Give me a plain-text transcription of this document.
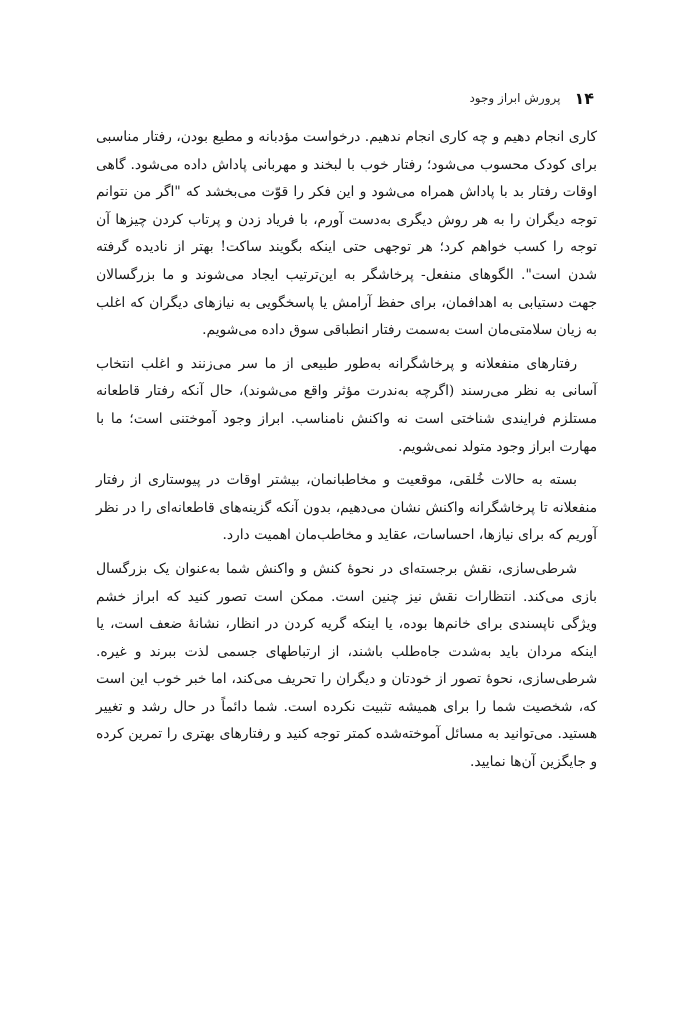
پرورش ابراز وجود ۱۴

کاری انجام دهیم و چه کاری انجام ندهیم. درخواست مؤدبانه و مطیع بودن، رفتار مناسبی برای کودک محسوب می‌شود؛ رفتار خوب با لبخند و مهربانی پاداش داده می‌شود. گاهی اوقات رفتار بد با پاداش همراه می‌شود و این فکر را قوّت می‌بخشد که "اگر من نتوانم توجه دیگران را به هر روش دیگری به‌دست آورم، با فریاد زدن و پرتاب کردن چیزها آن توجه را کسب خواهم کرد؛ هر توجهی حتی اینکه بگویند ساکت! بهتر از نادیده گرفته شدن است". الگوهای منفعل- پرخاشگر به این‌ترتیب ایجاد می‌شوند و ما بزرگسالان جهت دستیابی به اهدافمان، برای حفظ آرامش یا پاسخگویی به نیازهای دیگران که اغلب به زیان سلامتی‌مان است به‌سمت رفتار انطباقی سوق داده می‌شویم.

رفتارهای منفعلانه و پرخاشگرانه به‌طور طبیعی از ما سر می‌زنند و اغلب انتخاب آسانی به نظر می‌رسند (اگرچه به‌ندرت مؤثر واقع می‌شوند)، حال آنکه رفتار قاطعانه مستلزم فرایندی شناختی است نه واکنش نامناسب. ابراز وجود آموختنی است؛ ما با مهارت ابراز وجود متولد نمی‌شویم.

بسته به حالات خُلقی، موقعیت و مخاطبانمان، بیشتر اوقات در پیوستاری از رفتار منفعلانه تا پرخاشگرانه واکنش نشان می‌دهیم، بدون آنکه گزینه‌های قاطعانه‌ای را در نظر آوریم که برای نیازها، احساسات، عقاید و مخاطب‌مان اهمیت دارد.

شرطی‌سازی، نقش برجسته‌ای در نحوهٔ کنش و واکنش شما به‌عنوان یک بزرگسال بازی می‌کند. انتظارات نقش نیز چنین است. ممکن است تصور کنید که ابراز خشم ویژگی ناپسندی برای خانم‌ها بوده، یا اینکه گریه کردن در انظار، نشانهٔ ضعف است، یا اینکه مردان باید به‌شدت جاه‌طلب باشند، از ارتباطهای جسمی لذت ببرند و غیره. شرطی‌سازی، نحوهٔ تصور از خودتان و دیگران را تحریف می‌کند، اما خبر خوب این است که، شخصیت شما را برای همیشه تثبیت نکرده است. شما دائماً در حال رشد و تغییر هستید. می‌توانید به مسائل آموخته‌شده کمتر توجه کنید و رفتارهای بهتری را تمرین کرده و جایگزین آن‌ها نمایید.
